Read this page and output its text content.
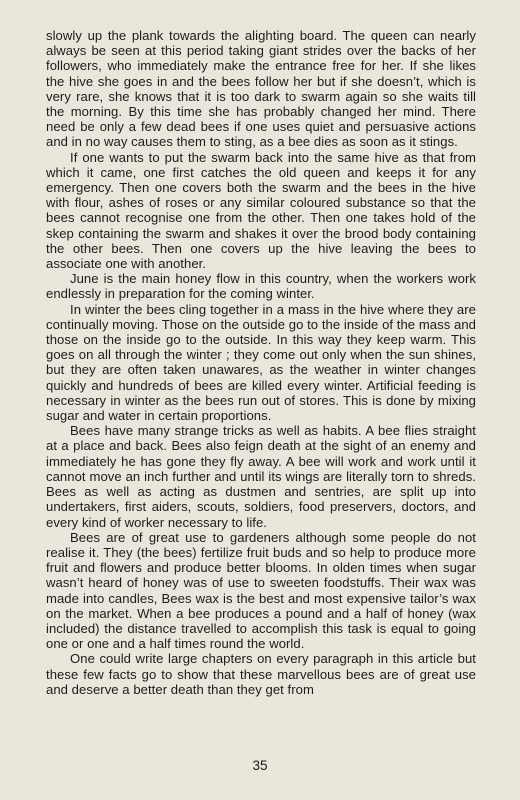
slowly up the plank towards the alighting board. The queen can nearly always be seen at this period taking giant strides over the backs of her followers, who immediately make the entrance free for her. If she likes the hive she goes in and the bees follow her but if she doesn’t, which is very rare, she knows that it is too dark to swarm again so she waits till the morning. By this time she has probably changed her mind. There need be only a few dead bees if one uses quiet and persuasive actions and in no way causes them to sting, as a bee dies as soon as it stings.

If one wants to put the swarm back into the same hive as that from which it came, one first catches the old queen and keeps it for any emergency. Then one covers both the swarm and the bees in the hive with flour, ashes of roses or any similar coloured substance so that the bees cannot recognise one from the other. Then one takes hold of the skep containing the swarm and shakes it over the brood body containing the other bees. Then one covers up the hive leaving the bees to associate one with another.

June is the main honey flow in this country, when the workers work endlessly in preparation for the coming winter.

In winter the bees cling together in a mass in the hive where they are continually moving. Those on the outside go to the inside of the mass and those on the inside go to the outside. In this way they keep warm. This goes on all through the winter ; they come out only when the sun shines, but they are often taken unawares, as the weather in winter changes quickly and hundreds of bees are killed every winter. Artificial feeding is necessary in winter as the bees run out of stores. This is done by mixing sugar and water in certain proportions.

Bees have many strange tricks as well as habits. A bee flies straight at a place and back. Bees also feign death at the sight of an enemy and immediately he has gone they fly away. A bee will work and work until it cannot move an inch further and until its wings are literally torn to shreds. Bees as well as acting as dustmen and sentries, are split up into undertakers, first aiders, scouts, soldiers, food preservers, doctors, and every kind of worker necessary to life.

Bees are of great use to gardeners although some people do not realise it. They (the bees) fertilize fruit buds and so help to produce more fruit and flowers and produce better blooms. In olden times when sugar wasn’t heard of honey was of use to sweeten foodstuffs. Their wax was made into candles, Bees wax is the best and most expensive tailor’s wax on the market. When a bee produces a pound and a half of honey (wax included) the distance travelled to accomplish this task is equal to going one or one and a half times round the world.

One could write large chapters on every paragraph in this article but these few facts go to show that these marvellous bees are of great use and deserve a better death than they get from

35
